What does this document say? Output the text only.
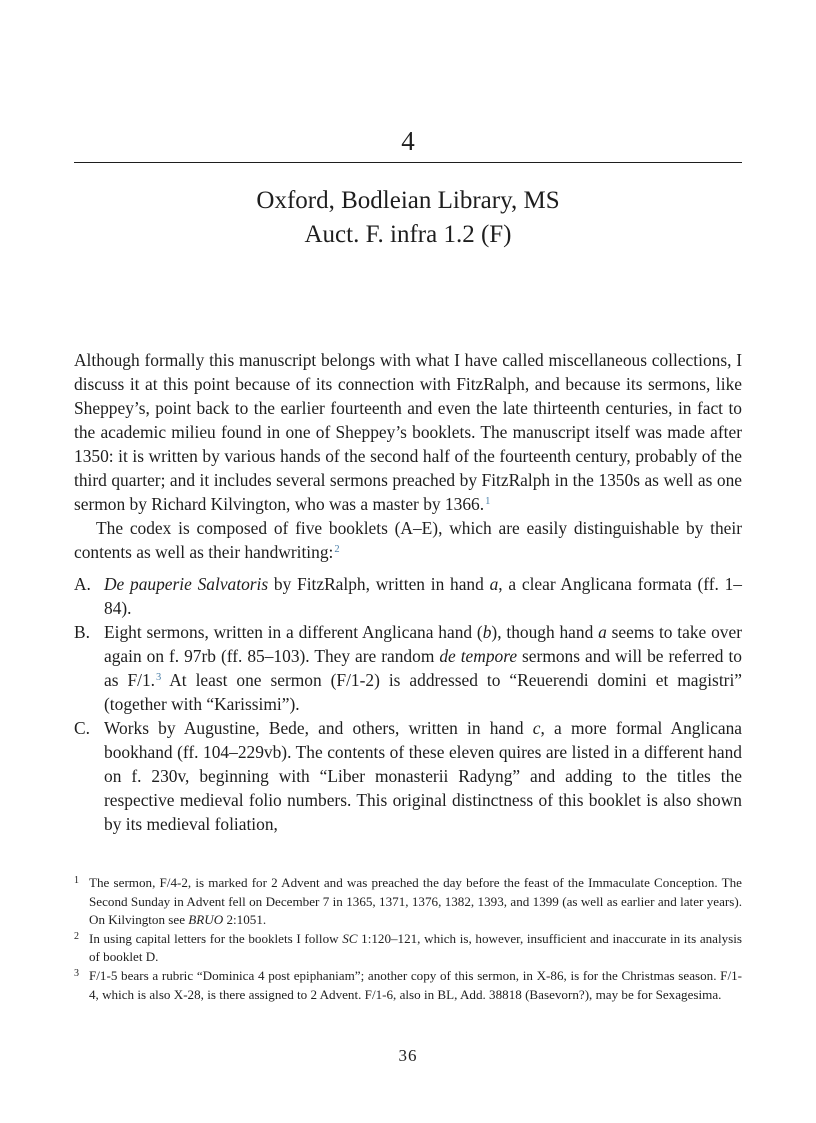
4
Oxford, Bodleian Library, MS
Auct. F. infra 1.2 (F)

Although formally this manuscript belongs with what I have called miscellaneous collections, I discuss it at this point because of its connection with FitzRalph, and because its sermons, like Sheppey’s, point back to the earlier fourteenth and even the late thirteenth centuries, in fact to the academic milieu found in one of Sheppey’s booklets. The manuscript itself was made after 1350: it is written by various hands of the second half of the fourteenth century, probably of the third quarter; and it includes several sermons preached by FitzRalph in the 1350s as well as one sermon by Richard Kilvington, who was a master by 1366.$^1$

The codex is composed of five booklets (A–E), which are easily distinguishable by their contents as well as their handwriting:$^2$

A. De pauperie Salvatoris by FitzRalph, written in hand a, a clear Anglicana formata (ff. 1–84).
B. Eight sermons, written in a different Anglicana hand (b), though hand a seems to take over again on f. 97rb (ff. 85–103). They are random de tempore sermons and will be referred to as F/1.$^3$ At least one sermon (F/1-2) is addressed to “Reuerendi domini et magistri” (together with “Karissimi”).
C. Works by Augustine, Bede, and others, written in hand c, a more formal Anglicana bookhand (ff. 104–229vb). The contents of these eleven quires are listed in a different hand on f. 230v, beginning with “Liber monasterii Radyng” and adding to the titles the respective medieval folio numbers. This original distinctness of this booklet is also shown by its medieval foliation,
1 The sermon, F/4-2, is marked for 2 Advent and was preached the day before the feast of the Immaculate Conception. The Second Sunday in Advent fell on December 7 in 1365, 1371, 1376, 1382, 1393, and 1399 (as well as earlier and later years). On Kilvington see BRUO 2:1051.
2 In using capital letters for the booklets I follow SC 1:120–121, which is, however, insufficient and inaccurate in its analysis of booklet D.
3 F/1-5 bears a rubric “Dominica 4 post epiphaniam”; another copy of this sermon, in X-86, is for the Christmas season. F/1-4, which is also X-28, is there assigned to 2 Advent. F/1-6, also in BL, Add. 38818 (Basevorn?), may be for Sexagesima.
36
